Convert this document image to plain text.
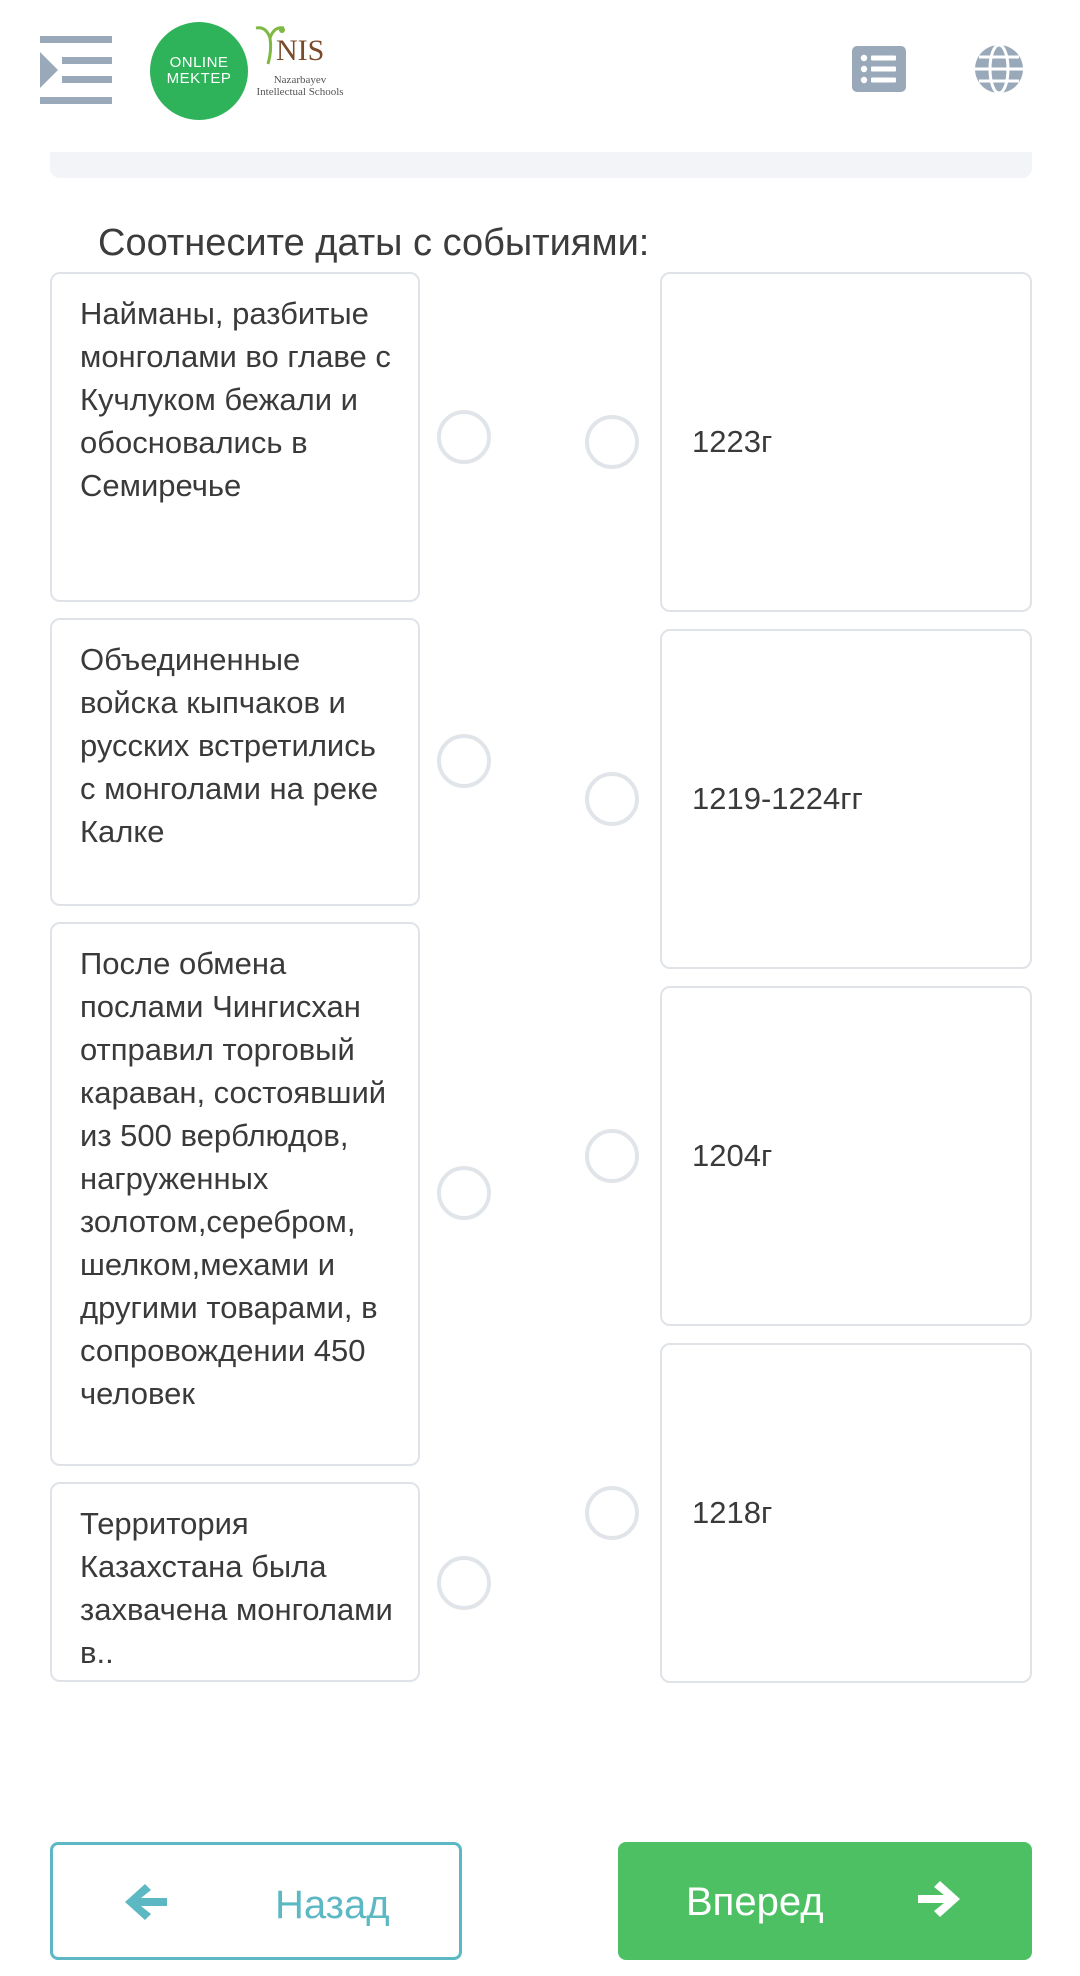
ONLINE
MEKTEP
NIS
Nazarbayev Intellectual Schools
Соотнесите даты с событиями:
Найманы, разбитые монголами во главе с Кучлуком бежали и обосновались в Семиречье
Объединенные войска кыпчаков и русских встретились с монголами на реке Калке
После обмена послами Чингисхан отправил торговый караван, состоявший из 500 верблюдов, нагруженных золотом,серебром, шелком,мехами и другими товарами, в сопровождении 450 человек
Территория Казахстана была захвачена монголами в..
1223г
1219-1224гг
1204г
1218г
Назад	Вперед
